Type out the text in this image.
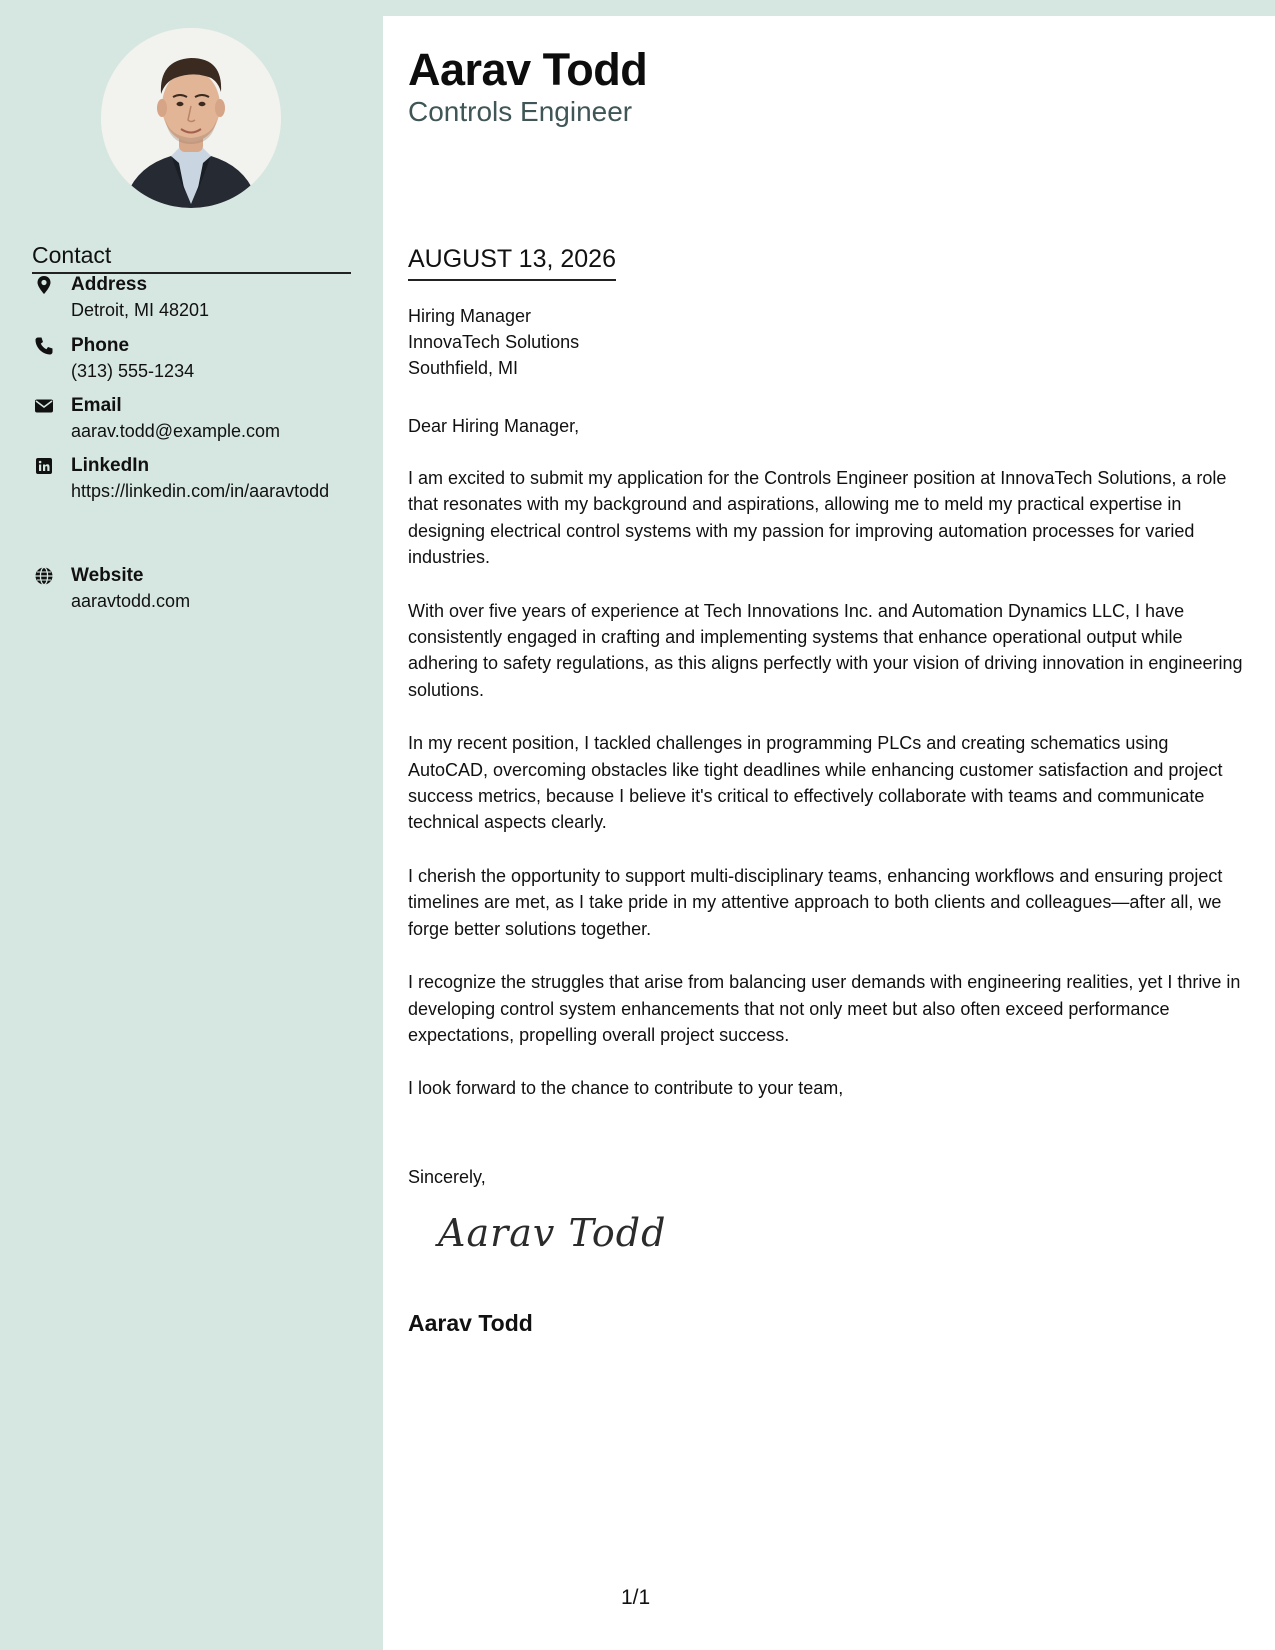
Contact
Address
Detroit, MI 48201
Phone
(313) 555-1234
Email
aarav.todd@example.com
LinkedIn
https://linkedin.com/in/aaravtodd
Website
aaravtodd.com
Aarav Todd
Controls Engineer
AUGUST 13, 2026
Hiring Manager
InnovaTech Solutions
Southfield, MI
Dear Hiring Manager,

I am excited to submit my application for the Controls Engineer position at InnovaTech Solutions, a role that resonates with my background and aspirations, allowing me to meld my practical expertise in designing electrical control systems with my passion for improving automation processes for varied industries.

With over five years of experience at Tech Innovations Inc. and Automation Dynamics LLC, I have consistently engaged in crafting and implementing systems that enhance operational output while adhering to safety regulations, as this aligns perfectly with your vision of driving innovation in engineering solutions.

In my recent position, I tackled challenges in programming PLCs and creating schematics using AutoCAD, overcoming obstacles like tight deadlines while enhancing customer satisfaction and project success metrics, because I believe it's critical to effectively collaborate with teams and communicate technical aspects clearly.

I cherish the opportunity to support multi-disciplinary teams, enhancing workflows and ensuring project timelines are met, as I take pride in my attentive approach to both clients and colleagues—after all, we forge better solutions together.

I recognize the struggles that arise from balancing user demands with engineering realities, yet I thrive in developing control system enhancements that not only meet but also often exceed performance expectations, propelling overall project success.

I look forward to the chance to contribute to your team,

Sincerely,
Aarav Todd
Aarav Todd
1/1
